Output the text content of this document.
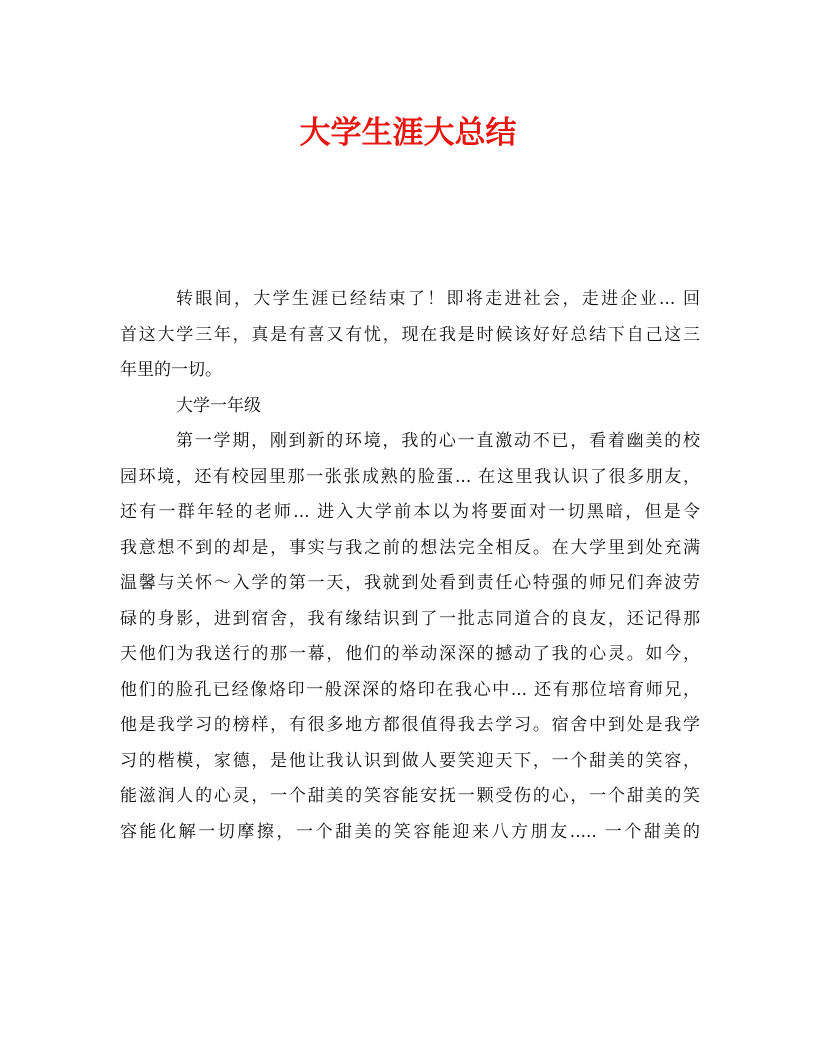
大学生涯大总结
转眼间，大学生涯已经结束了！即将走进社会，走进企业... 回
首这大学三年，真是有喜又有忧，现在我是时候该好好总结下自己这三
年里的一切。
大学一年级
第一学期，刚到新的环境，我的心一直激动不已，看着幽美的校
园环境，还有校园里那一张张成熟的脸蛋... 在这里我认识了很多朋友，
还有一群年轻的老师... 进入大学前本以为将要面对一切黑暗，但是令
我意想不到的却是，事实与我之前的想法完全相反。在大学里到处充满
温馨与关怀～入学的第一天，我就到处看到责任心特强的师兄们奔波劳
碌的身影，进到宿舍，我有缘结识到了一批志同道合的良友，还记得那
天他们为我送行的那一幕，他们的举动深深的撼动了我的心灵。如今，
他们的脸孔已经像烙印一般深深的烙印在我心中... 还有那位培育师兄，
他是我学习的榜样，有很多地方都很值得我去学习。宿舍中到处是我学
习的楷模，家德，是他让我认识到做人要笑迎天下，一个甜美的笑容，
能滋润人的心灵，一个甜美的笑容能安抚一颗受伤的心，一个甜美的笑
容能化解一切摩擦，一个甜美的笑容能迎来八方朋友..... 一个甜美的
